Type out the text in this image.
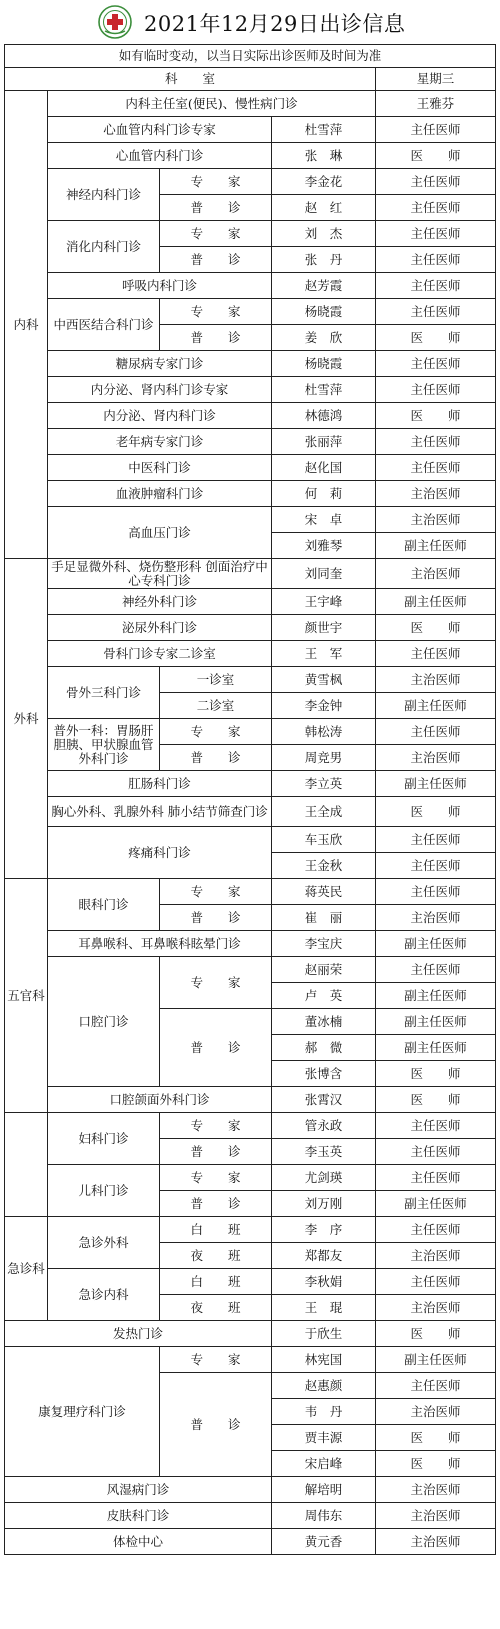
2021年12月29日出诊信息
如有临时变动，以当日实际出诊医师及时间为准					
科　　室				星期三	
内科	内科主任室(便民)、慢性病门诊			王雅芬	
	心血管内科门诊专家		杜雪萍	主任医师	
	心血管内科门诊		张　琳	医　　师	
	神经内科门诊	专　　家	李金花	主任医师	
		普　　诊	赵　红	主任医师	
	消化内科门诊	专　　家	刘　杰	主任医师	
		普　　诊	张　丹	主任医师	
	呼吸内科门诊		赵芳霞	主任医师	
	中西医结合科门诊	专　　家	杨晓霞	主任医师	
		普　　诊	姜　欣	医　　师	
	糖尿病专家门诊		杨晓霞	主任医师	
	内分泌、肾内科门诊专家		杜雪萍	主任医师	
	内分泌、肾内科门诊		林德鸿	医　　师	
	老年病专家门诊		张丽萍	主任医师	
	中医科门诊		赵化国	主任医师	
	血液肿瘤科门诊		何　莉	主治医师	
	高血压门诊		宋　卓	主治医师	
			刘雅琴	副主任医师	
外科	手足显微外科、烧伤整形科 创面治疗中心专科门诊		刘同奎	主治医师	
	神经外科门诊		王宇峰	副主任医师	
	泌尿外科门诊		颜世宇	医　　师	
	骨科门诊专家二诊室		王　军	主任医师	
	骨外三科门诊	一诊室	黄雪枫	主治医师	
		二诊室	李金钟	副主任医师	
	普外一科：胃肠肝 胆胰、甲状腺血管 外科门诊	专　　家	韩松涛	主任医师	
		普　　诊	周竞男	主治医师	
	肛肠科门诊		李立英	副主任医师	
	胸心外科、乳腺外科 肺小结节筛查门诊		王全成	医　　师	
	疼痛科门诊		车玉欣	主任医师	
			王金秋	主任医师	
五官科	眼科门诊	专　　家	蒋英民	主任医师	
		普　　诊	崔　丽	主治医师	
	耳鼻喉科、耳鼻喉科眩晕门诊		李宝庆	副主任医师	
	口腔门诊	专　　家	赵丽荣	主任医师	
			卢　英	副主任医师	
		普　　诊	董冰楠	副主任医师	
			郝　微	副主任医师	
			张博含	医　　师	
	口腔颌面外科门诊		张霄汉	医　　师	
	妇科门诊	专　　家	管永政	主任医师	
		普　　诊	李玉英	主任医师	
	儿科门诊	专　　家	尤剑瑛	主任医师	
		普　　诊	刘万刚	副主任医师	
急诊科	急诊外科	白　　班	李　序	主任医师	
		夜　　班	郑都友	主治医师	
	急诊内科	白　　班	李秋娟	主任医师	
		夜　　班	王　琨	主治医师	
发热门诊			于欣生	医　　师	
康复理疗科门诊		专　　家	林宪国	副主任医师	
		普　　诊	赵惠颜	主任医师	
			韦　丹	主治医师	
			贾丰源	医　　师	
			宋启峰	医　　师	
风湿病门诊			解培明	主治医师	
皮肤科门诊			周伟东	主治医师	
体检中心			黄元香	主治医师	
